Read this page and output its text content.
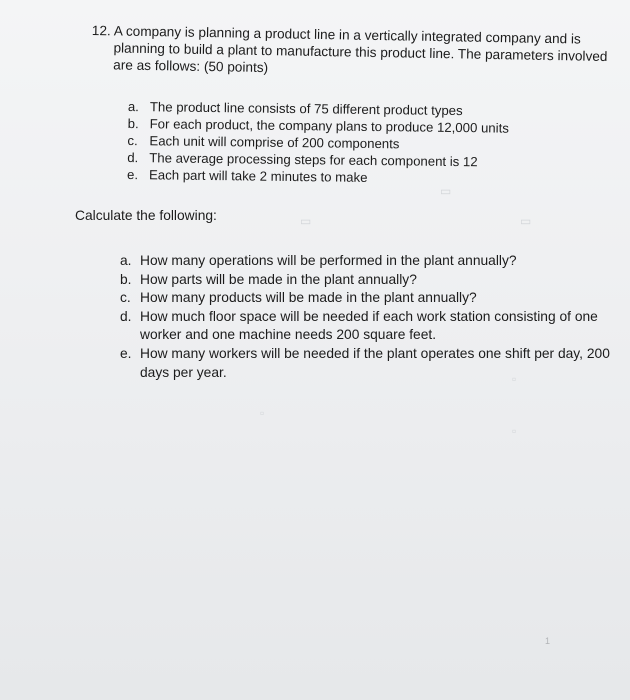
▭	▭
▭
▫
▫
▫
12. A company is planning a product line in a vertically integrated company and is planning to build a plant to manufacture this product line. The parameters involved are as follows: (50 points)
a. The product line consists of 75 different product types
b. For each product, the company plans to produce 12,000 units
c. Each unit will comprise of 200 components
d. The average processing steps for each component is 12
e. Each part will take 2 minutes to make
Calculate the following:
a. How many operations will be performed in the plant annually?
b. How parts will be made in the plant annually?
c. How many products will be made in the plant annually?
d. How much floor space will be needed if each work station consisting of one worker and one machine needs 200 square feet.
e. How many workers will be needed if the plant operates one shift per day, 200 days per year.
1
